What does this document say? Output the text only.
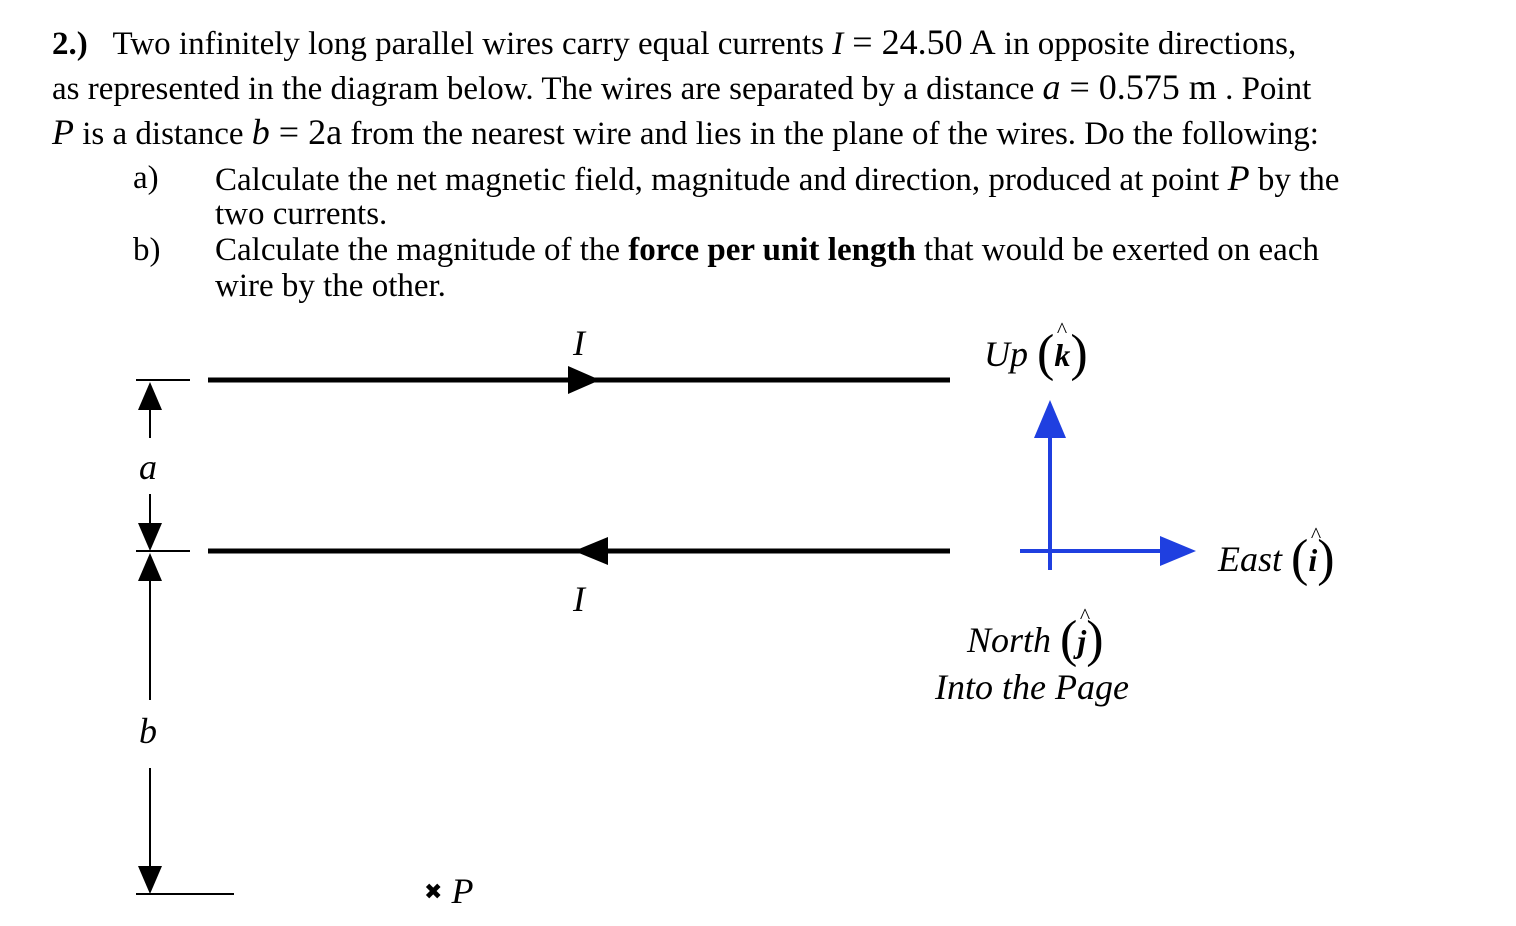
2.) Two infinitely long parallel wires carry equal currents I = 24.50 A in opposite directions,
as represented in the diagram below. The wires are separated by a distance a = 0.575 m . Point
P is a distance b = 2a from the nearest wire and lies in the plane of the wires. Do the following:
a) Calculate the net magnetic field, magnitude and direction, produced at point P by the
two currents.
b) Calculate the magnitude of the force per unit length that would be exerted on each
wire by the other.
I
I
a
b
✖ P
Up (k ^)
East (i ^)
North (j ^)
Into the Page
